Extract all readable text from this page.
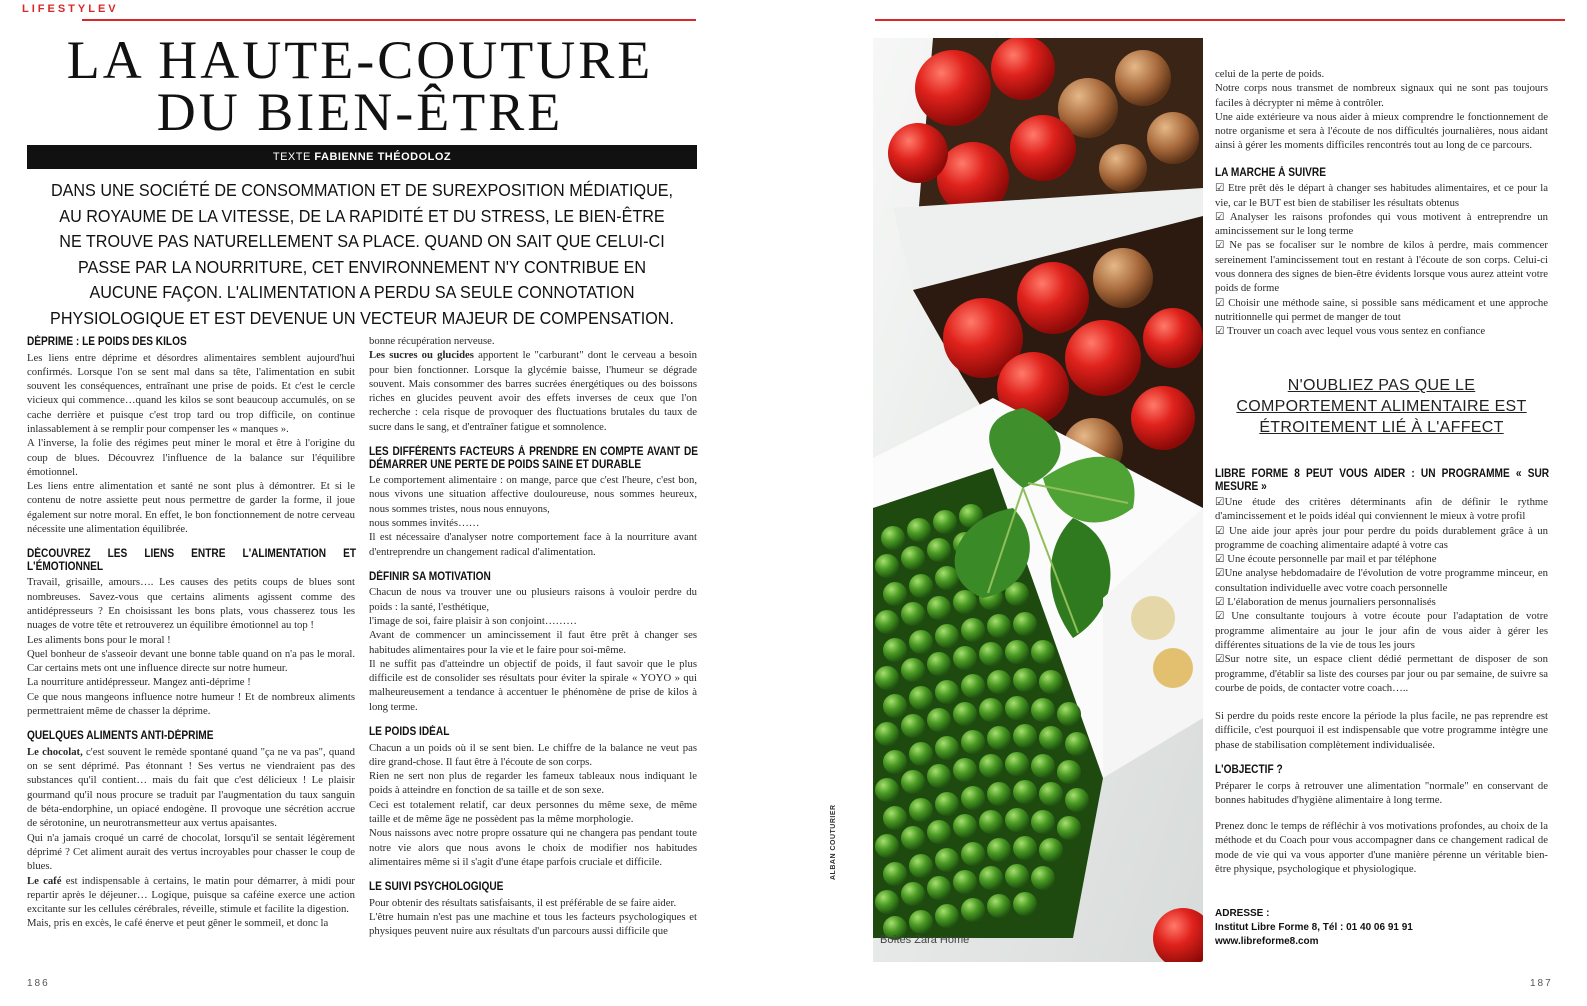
LIFESTYLEV
LA HAUTE-COUTURE
DU BIEN-ÊTRE
TEXTE FABIENNE THÉODOLOZ
DANS UNE SOCIÉTÉ DE CONSOMMATION ET DE SUREXPOSITION MÉDIATIQUE, AU ROYAUME DE LA VITESSE, DE LA RAPIDITÉ ET DU STRESS, LE BIEN-ÊTRE NE TROUVE PAS NATURELLEMENT SA PLACE. QUAND ON SAIT QUE CELUI-CI PASSE PAR LA NOURRITURE, CET ENVIRONNEMENT N'Y CONTRIBUE EN AUCUNE FAÇON. L'ALIMENTATION A PERDU SA SEULE CONNOTATION PHYSIOLOGIQUE ET EST DEVENUE UN VECTEUR MAJEUR DE COMPENSATION.
DÉPRIME : LE POIDS DES KILOS

Les liens entre déprime et désordres alimentaires semblent aujourd'hui confirmés. Lorsque l'on se sent mal dans sa tête, l'alimentation en subit souvent les conséquences, entraînant une prise de poids. Et c'est le cercle vicieux qui commence…quand les kilos se sont beaucoup accumulés, on se cache derrière et puisque c'est trop tard ou trop difficile, on continue inlassablement à se remplir pour compenser les « manques ».

A l'inverse, la folie des régimes peut miner le moral et être à l'origine du coup de blues. Découvrez l'influence de la balance sur l'équilibre émotionnel.

Les liens entre alimentation et santé ne sont plus à démontrer. Et si le contenu de notre assiette peut nous permettre de garder la forme, il joue également sur notre moral. En effet, le bon fonctionnement de notre cerveau nécessite une alimentation équilibrée.

DÉCOUVREZ LES LIENS ENTRE L'ALIMENTATION ET L'ÉMOTIONNEL

Travail, grisaille, amours…. Les causes des petits coups de blues sont nombreuses. Savez-vous que certains aliments agissent comme des antidépresseurs ? En choisissant les bons plats, vous chasserez tous les nuages de votre tête et retrouverez un équilibre émotionnel au top !

Les aliments bons pour le moral !

Quel bonheur de s'asseoir devant une bonne table quand on n'a pas le moral. Car certains mets ont une influence directe sur notre humeur.

La nourriture antidépresseur. Mangez anti-déprime !

Ce que nous mangeons influence notre humeur ! Et de nombreux aliments permettraient même de chasser la déprime.

QUELQUES ALIMENTS ANTI-DÉPRIME

Le chocolat, c'est souvent le remède spontané quand "ça ne va pas", quand on se sent déprimé. Pas étonnant ! Ses vertus ne viendraient pas des substances qu'il contient… mais du fait que c'est délicieux ! Le plaisir gourmand qu'il nous procure se traduit par l'augmentation du taux sanguin de béta-endorphine, un opiacé endogène. Il provoque une sécrétion accrue de sérotonine, un neurotransmetteur aux vertus apaisantes.

Qui n'a jamais croqué un carré de chocolat, lorsqu'il se sentait légèrement déprimé ? Cet aliment aurait des vertus incroyables pour chasser le coup de blues.

Le café est indispensable à certains, le matin pour démarrer, à midi pour repartir après le déjeuner… Logique, puisque sa caféine exerce une action excitante sur les cellules cérébrales, réveille, stimule et facilite la digestion.

Mais, pris en excès, le café énerve et peut gêner le sommeil, et donc la

bonne récupération nerveuse.

Les sucres ou glucides apportent le "carburant" dont le cerveau a besoin pour bien fonctionner. Lorsque la glycémie baisse, l'humeur se dégrade souvent. Mais consommer des barres sucrées énergétiques ou des boissons riches en glucides peuvent avoir des effets inverses de ceux que l'on recherche : cela risque de provoquer des fluctuations brutales du taux de sucre dans le sang, et d'entraîner fatigue et somnolence.

LES DIFFÉRENTS FACTEURS À PRENDRE EN COMPTE AVANT DE DÉMARRER UNE PERTE DE POIDS SAINE ET DURABLE

Le comportement alimentaire : on mange, parce que c'est l'heure, c'est bon, nous vivons une situation affective douloureuse, nous sommes heureux, nous sommes tristes, nous nous ennuyons,

nous sommes invités……

Il est nécessaire d'analyser notre comportement face à la nourriture avant d'entreprendre un changement radical d'alimentation.

DÉFINIR SA MOTIVATION

Chacun de nous va trouver une ou plusieurs raisons à vouloir perdre du poids : la santé, l'esthétique,

l'image de soi, faire plaisir à son conjoint………

Avant de commencer un amincissement il faut être prêt à changer ses habitudes alimentaires pour la vie et le faire pour soi-même.

Il ne suffit pas d'atteindre un objectif de poids, il faut savoir que le plus difficile est de consolider ses résultats pour éviter la spirale « YOYO » qui malheureusement a tendance à accentuer le phénomène de prise de kilos à long terme.

LE POIDS IDÉAL

Chacun a un poids où il se sent bien. Le chiffre de la balance ne veut pas dire grand-chose. Il faut être à l'écoute de son corps.

Rien ne sert non plus de regarder les fameux tableaux nous indiquant le poids à atteindre en fonction de sa taille et de son sexe.

Ceci est totalement relatif, car deux personnes du même sexe, de même taille et de même âge ne possèdent pas la même morphologie.

Nous naissons avec notre propre ossature qui ne changera pas pendant toute notre vie alors que nous avons le choix de modifier nos habitudes alimentaires même si il s'agit d'une étape parfois cruciale et difficile.

LE SUIVI PSYCHOLOGIQUE

Pour obtenir des résultats satisfaisants, il est préférable de se faire aider.

L'être humain n'est pas une machine et tous les facteurs psychologiques et physiques peuvent nuire aux résultats d'un parcours aussi difficile que

186
ALBAN COUTURIER
Boîtes Zara Home

celui de la perte de poids.

Notre corps nous transmet de nombreux signaux qui ne sont pas toujours faciles à décrypter ni même à contrôler.

Une aide extérieure va nous aider à mieux comprendre le fonctionnement de notre organisme et sera à l'écoute de nos difficultés journalières, nous aidant ainsi à gérer les moments difficiles rencontrés tout au long de ce parcours.

LA MARCHE À SUIVRE

☑ Etre prêt dès le départ à changer ses habitudes alimentaires, et ce pour la vie, car le BUT est bien de stabiliser les résultats obtenus

☑ Analyser les raisons profondes qui vous motivent à entreprendre un amincissement sur le long terme

☑ Ne pas se focaliser sur le nombre de kilos à perdre, mais commencer sereinement l'amincissement tout en restant à l'écoute de son corps. Celui-ci vous donnera des signes de bien-être évidents lorsque vous aurez atteint votre poids de forme

☑ Choisir une méthode saine, si possible sans médicament et une approche nutritionnelle qui permet de manger de tout

☑ Trouver un coach avec lequel vous vous sentez en confiance

N'OUBLIEZ PAS QUE LE COMPORTEMENT ALIMENTAIRE EST ÉTROITEMENT LIÉ À L'AFFECT
LIBRE FORME 8 PEUT VOUS AIDER : UN PROGRAMME « SUR MESURE »

☑Une étude des critères déterminants afin de définir le rythme d'amincissement et le poids idéal qui conviennent le mieux à votre profil

☑ Une aide jour après jour pour perdre du poids durablement grâce à un programme de coaching alimentaire adapté à votre cas

☑ Une écoute personnelle par mail et par téléphone

☑Une analyse hebdomadaire de l'évolution de votre programme minceur, en consultation individuelle avec votre coach personnelle

☑ L'élaboration de menus journaliers personnalisés

☑ Une consultante toujours à votre écoute pour l'adaptation de votre programme alimentaire au jour le jour afin de vous aider à gérer les différentes situations de la vie de tous les jours

☑Sur notre site, un espace client dédié permettant de disposer de son programme, d'établir sa liste des courses par jour ou par semaine, de suivre sa courbe de poids, de contacter votre coach…..

Si perdre du poids reste encore la période la plus facile, ne pas reprendre est difficile, c'est pourquoi il est indispensable que votre programme intègre une phase de stabilisation complètement individualisée.

L'OBJECTIF ?

Préparer le corps à retrouver une alimentation "normale" en conservant de bonnes habitudes d'hygiène alimentaire à long terme.

Prenez donc le temps de réfléchir à vos motivations profondes, au choix de la méthode et du Coach pour vous accompagner dans ce changement radical de mode de vie qui va vous apporter d'une manière pérenne un véritable bien-être physique, psychologique et physiologique.

ADRESSE :
Institut Libre Forme 8, Tél : 01 40 06 91 91
www.libreforme8.com
187
